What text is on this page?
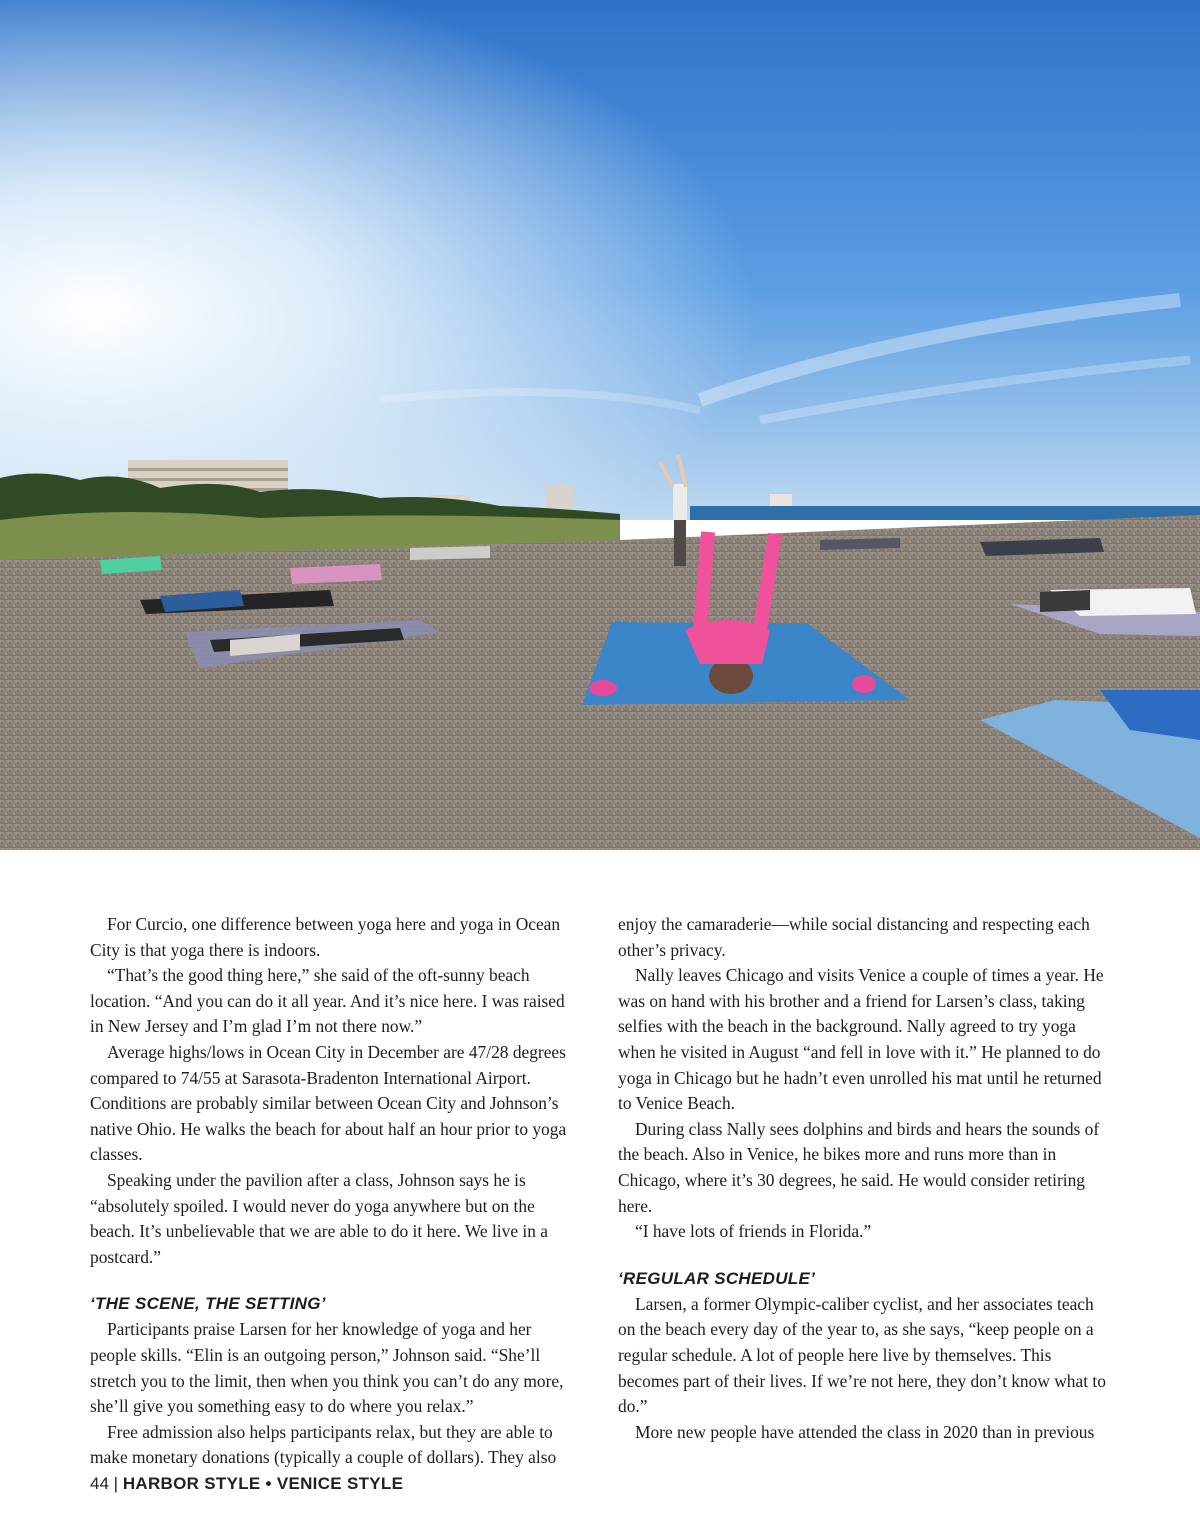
For Curcio, one difference between yoga here and yoga in Ocean City is that yoga there is indoors.

“That’s the good thing here,” she said of the oft-sunny beach location. “And you can do it all year. And it’s nice here. I was raised in New Jersey and I’m glad I’m not there now.”

Average highs/lows in Ocean City in December are 47/28 degrees compared to 74/55 at Sarasota-Bradenton International Airport. Conditions are probably similar between Ocean City and Johnson’s native Ohio. He walks the beach for about half an hour prior to yoga classes.

Speaking under the pavilion after a class, Johnson says he is “absolutely spoiled. I would never do yoga anywhere but on the beach. It’s unbelievable that we are able to do it here. We live in a postcard.”

‘THE SCENE, THE SETTING’

Participants praise Larsen for her knowledge of yoga and her people skills. “Elin is an outgoing person,” Johnson said. “She’ll stretch you to the limit, then when you think you can’t do any more, she’ll give you something easy to do where you relax.”

Free admission also helps participants relax, but they are able to make monetary donations (typically a couple of dollars). They also

enjoy the camaraderie—while social distancing and respecting each other’s privacy.

Nally leaves Chicago and visits Venice a couple of times a year. He was on hand with his brother and a friend for Larsen’s class, taking selfies with the beach in the background. Nally agreed to try yoga when he visited in August “and fell in love with it.” He planned to do yoga in Chicago but he hadn’t even unrolled his mat until he returned to Venice Beach.

During class Nally sees dolphins and birds and hears the sounds of the beach. Also in Venice, he bikes more and runs more than in Chicago, where it’s 30 degrees, he said. He would consider retiring here.

“I have lots of friends in Florida.”

‘REGULAR SCHEDULE’

Larsen, a former Olympic-caliber cyclist, and her associates teach on the beach every day of the year to, as she says, “keep people on a regular schedule. A lot of people here live by themselves. This becomes part of their lives. If we’re not here, they don’t know what to do.”

More new people have attended the class in 2020 than in previous

44 | HARBOR STYLE • VENICE STYLE
